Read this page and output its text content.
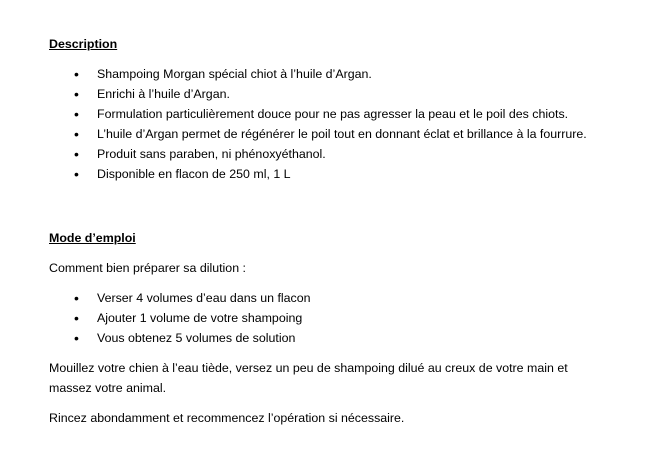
Description
• Shampoing Morgan spécial chiot à l’huile d’Argan.
• Enrichi à l’huile d’Argan.
• Formulation particulièrement douce pour ne pas agresser la peau et le poil des chiots.
• L’huile d’Argan permet de régénérer le poil tout en donnant éclat et brillance à la fourrure.
• Produit sans paraben, ni phénoxyéthanol.
• Disponible en flacon de 250 ml, 1 L
Mode d’emploi

Comment bien préparer sa dilution :

• Verser 4 volumes d’eau dans un flacon
• Ajouter 1 volume de votre shampoing
• Vous obtenez 5 volumes de solution

Mouillez votre chien à l’eau tiède, versez un peu de shampoing dilué au creux de votre main et
massez votre animal.

Rincez abondamment et recommencez l’opération si nécessaire.
